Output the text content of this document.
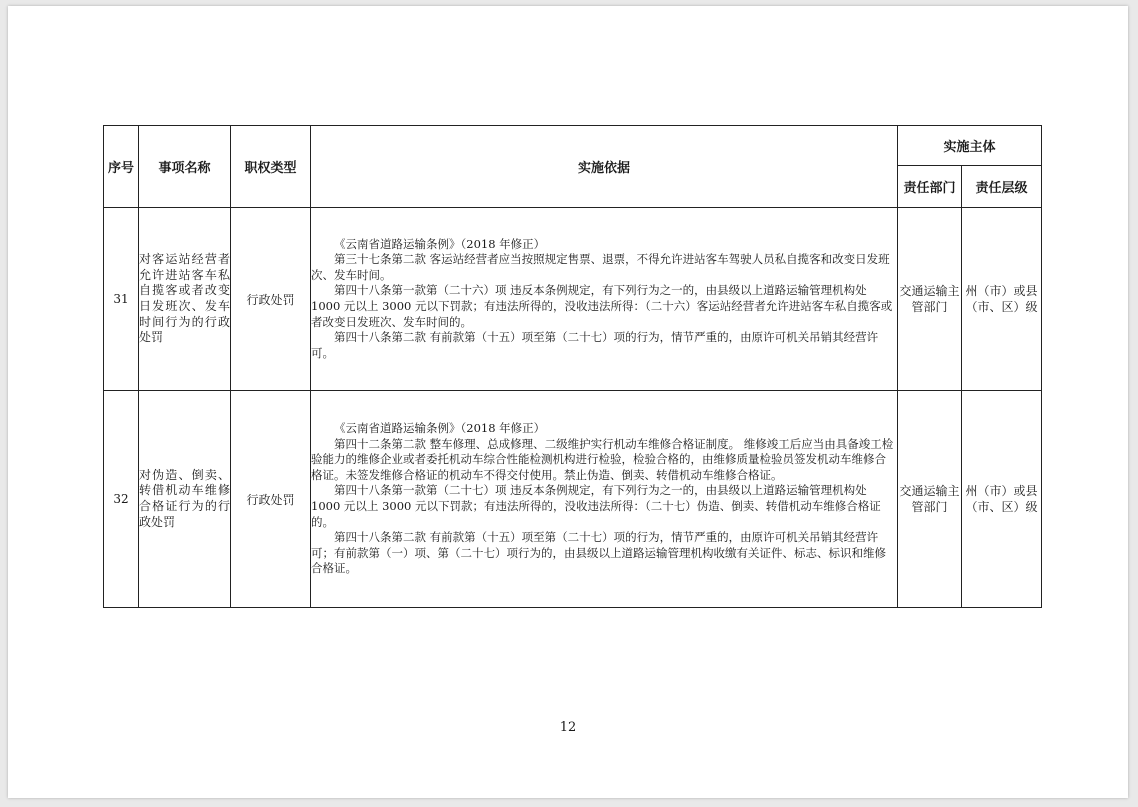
序号	事项名称	职权类型	实施依据	实施主体	
				责任部门	责任层级
31	对客运站经营者允许进站客车私自揽客或者改变日发班次、发车时间行为的行政处罚	行政处罚	《云南省道路运输条例》（2018 年修正）

第三十七条第二款 客运站经营者应当按照规定售票、退票，不得允许进站客车驾驶人员私自揽客和改变日发班次、发车时间。

第四十八条第一款第（二十六）项 违反本条例规定，有下列行为之一的，由县级以上道路运输管理机构处 1000 元以上 3000 元以下罚款；有违法所得的，没收违法所得：（二十六）客运站经营者允许进站客车私自揽客或者改变日发班次、发车时间的。

第四十八条第二款 有前款第（十五）项至第（二十七）项的行为，情节严重的，由原许可机关吊销其经营许可。	交通运输主管部门	州（市）或县（市、区）级
32	对伪造、倒卖、转借机动车维修合格证行为的行政处罚	行政处罚	《云南省道路运输条例》（2018 年修正）

第四十二条第二款 整车修理、总成修理、二级维护实行机动车维修合格证制度。 维修竣工后应当由具备竣工检验能力的维修企业或者委托机动车综合性能检测机构进行检验，检验合格的，由维修质量检验员签发机动车维修合格证。未签发维修合格证的机动车不得交付使用。禁止伪造、倒卖、转借机动车维修合格证。

第四十八条第一款第（二十七）项 违反本条例规定，有下列行为之一的，由县级以上道路运输管理机构处 1000 元以上 3000 元以下罚款；有违法所得的，没收违法所得：（二十七）伪造、倒卖、转借机动车维修合格证的。

第四十八条第二款 有前款第（十五）项至第（二十七）项的行为，情节严重的，由原许可机关吊销其经营许可；有前款第（一）项、第（二十七）项行为的，由县级以上道路运输管理机构收缴有关证件、标志、标识和维修合格证。	交通运输主管部门	州（市）或县（市、区）级
12
